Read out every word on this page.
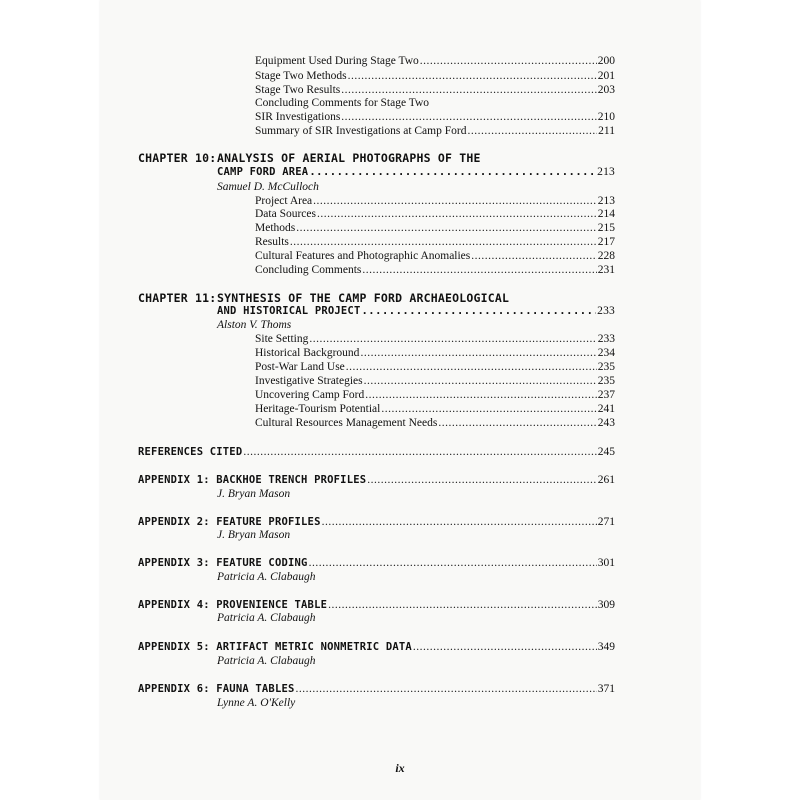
Equipment Used During Stage Two .....	200
Stage Two Methods .....	201
Stage Two Results .....	203
Concluding Comments for Stage Two
SIR Investigations .....	210
Summary of SIR Investigations at Camp Ford .....	211
CHAPTER 10: ANALYSIS OF AERIAL PHOTOGRAPHS OF THE
CAMP FORD AREA .....	213
Samuel D. McCulloch
Project Area .....	213
Data Sources .....	214
Methods .....	215
Results .....	217
Cultural Features and Photographic Anomalies .....	228
Concluding Comments .....	231
CHAPTER 11: SYNTHESIS OF THE CAMP FORD ARCHAEOLOGICAL
AND HISTORICAL PROJECT .....	233
Alston V. Thoms
Site Setting .....	233
Historical Background .....	234
Post-War Land Use .....	235
Investigative Strategies .....	235
Uncovering Camp Ford .....	237
Heritage-Tourism Potential .....	241
Cultural Resources Management Needs .....	243
REFERENCES CITED .....	245
APPENDIX 1: BACKHOE TRENCH PROFILES .....	261
J. Bryan Mason
APPENDIX 2: FEATURE PROFILES .....	271
J. Bryan Mason
APPENDIX 3: FEATURE CODING .....	301
Patricia A. Clabaugh
APPENDIX 4: PROVENIENCE TABLE .....	309
Patricia A. Clabaugh
APPENDIX 5: ARTIFACT METRIC NONMETRIC DATA .....	349
Patricia A. Clabaugh
APPENDIX 6: FAUNA TABLES .....	371
Lynne A. O'Kelly
ix
